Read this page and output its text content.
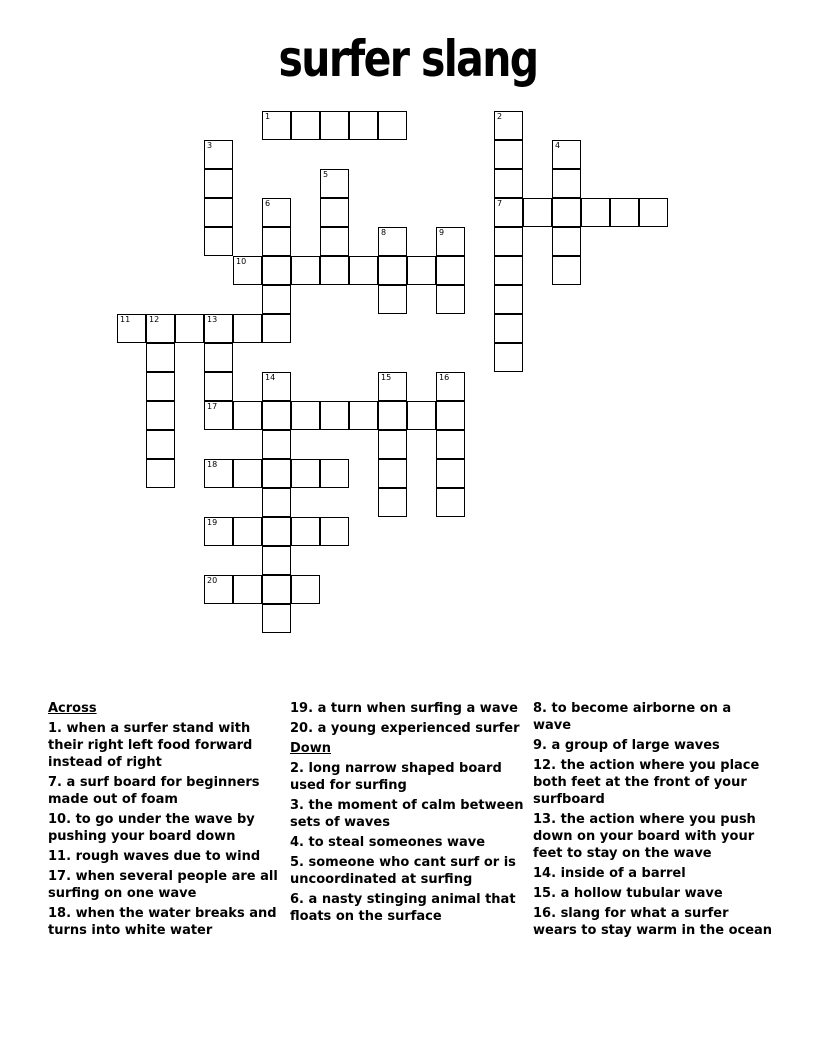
surfer slang
1	2
7
3	4
5
6
8	9
10
11 12	13
17
14	15	16
18
19
20
Across
1. when a surfer stand with their right left food forward instead of right
7. a surf board for beginners made out of foam
10. to go under the wave by pushing your board down
11. rough waves due to wind
17. when several people are all surfing on one wave
18. when the water breaks and turns into white water
19. a turn when surfing a wave
20. a young experienced surfer
Down
2. long narrow shaped board used for surfing
3. the moment of calm between sets of waves
4. to steal someones wave
5. someone who cant surf or is uncoordinated at surfing
6. a nasty stinging animal that floats on the surface
8. to become airborne on a wave
9. a group of large waves
12. the action where you place both feet at the front of your surfboard
13. the action where you push down on your board with your feet to stay on the wave
14. inside of a barrel
15. a hollow tubular wave
16. slang for what a surfer wears to stay warm in the ocean
